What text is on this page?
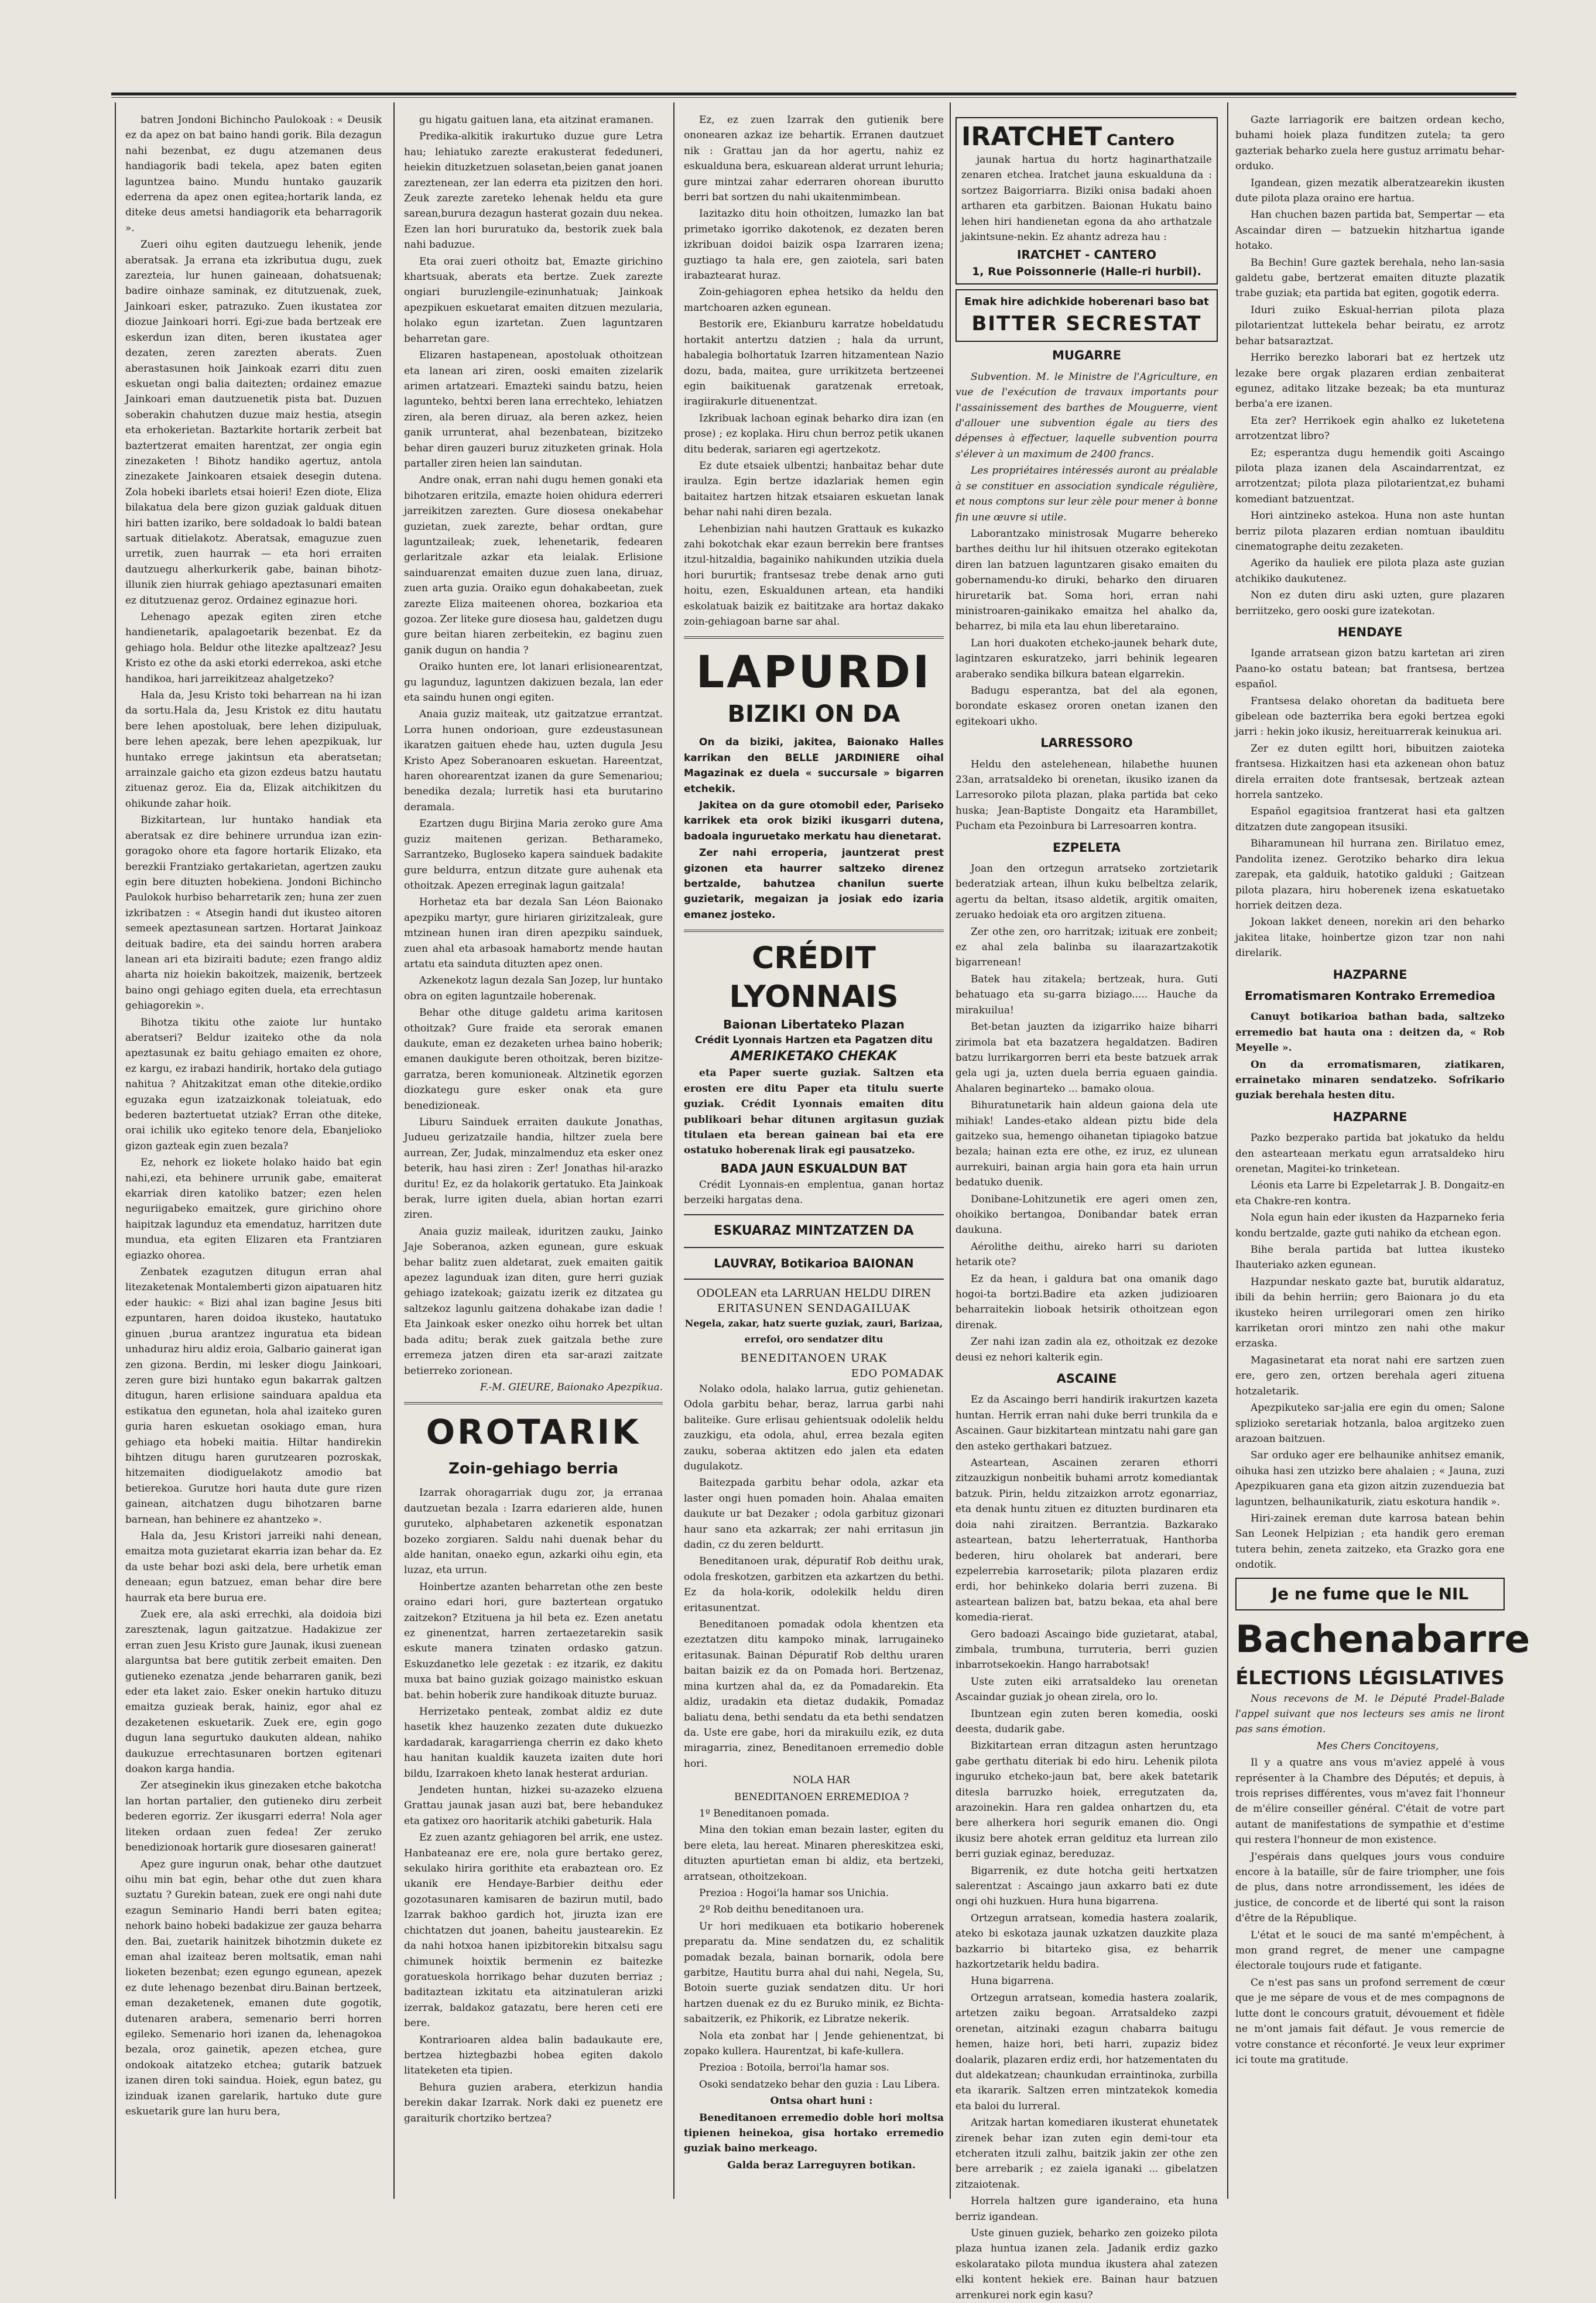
batren Jondoni Bichincho Paulokoak : « Deusik ez da apez on bat baino handi gorik. Bila dezagun nahi bezenbat, ez dugu atzemanen deus handiagorik badi tekela, apez baten egiten laguntzea baino. Mundu huntako gauzarik ederrena da apez onen egitea;hortarik landa, ez diteke deus ametsi handiagorik eta beharragorik ».

Zueri oihu egiten dautzuegu lehenik, jende aberatsak. Ja errana eta izkributua dugu, zuek zarezteia, lur hunen gaineaan, dohatsuenak; badire oinhaze saminak, ez ditutzuenak, zuek, Jainkoari esker, patrazuko. Zuen ikustatea zor diozue Jainkoari horri. Egi-zue bada bertzeak ere eskerdun izan diten, beren ikustatea ager dezaten, zeren zarezten aberats. Zuen aberastasunen hoik Jainkoak ezarri ditu zuen eskuetan ongi balia daitezten; ordainez emazue Jainkoari eman dautzuenetik pista bat. Duzuen soberakin chahutzen duzue maiz hestia, atsegin eta erhokerietan. Baztarkite hortarik zerbeit bat baztertzerat emaiten harentzat, zer ongia egin zinezaketen ! Bihotz handiko agertuz, antola zinezakete Jainkoaren etsaiek desegin dutena. Zola hobeki ibarlets etsai hoieri! Ezen diote, Eliza bilakatua dela bere gizon guziak galduak dituen hiri batten izariko, bere soldadoak lo baldi batean sartuak ditielakotz. Aberatsak, emaguzue zuen urretik, zuen haurrak — eta hori erraiten dautzuegu alherkurkerik gabe, bainan bihotz-illunik zien hiurrak gehiago apeztasunari emaiten ez ditutzuenaz geroz. Ordainez eginazue hori.

Lehenago apezak egiten ziren etche handienetarik, apalagoetarik bezenbat. Ez da gehiago hola. Beldur othe litezke apaltzeaz? Jesu Kristo ez othe da aski etorki ederrekoa, aski etche handikoa, hari jarreikitzeaz ahalgetzeko?

Hala da, Jesu Kristo toki beharrean na hi izan da sortu.Hala da, Jesu Kristok ez ditu hautatu bere lehen apostoluak, bere lehen dizipuluak, bere lehen apezak, bere lehen apezpikuak, lur huntako errege jakintsun eta aberatsetan; arrainzale gaicho eta gizon ezdeus batzu hautatu zituenaz geroz. Eia da, Elizak aitchikitzen du ohikunde zahar hoik.

Bizkitartean, lur huntako handiak eta aberatsak ez dire behinere urrundua izan ezin-goragoko ohore eta fagore hortarik Elizako, eta berezkii Frantziako gertakarietan, agertzen zauku egin bere dituzten hobekiena. Jondoni Bichincho Paulokok hurbiso beharretarik zen; huna zer zuen izkribatzen : « Atsegin handi dut ikusteo aitoren semeek apeztasunean sartzen. Hortarat Jainkoaz deituak badire, eta dei saindu horren arabera lanean ari eta biziraiti badute; ezen frango aldiz aharta niz hoiekin bakoitzek, maizenik, bertzeek baino ongi gehiago egiten duela, eta errechtasun gehiagorekin ».

Bihotza tikitu othe zaiote lur huntako aberatseri? Beldur izaiteko othe da nola apeztasunak ez baitu gehiago emaiten ez ohore, ez kargu, ez irabazi handirik, hortako dela gutiago nahitua ? Ahitzakitzat eman othe ditekie,ordiko eguzaka egun izatzaizkonak toleiatuak, edo bederen baztertuetat utziak? Erran othe diteke, orai ichilik uko egiteko tenore dela, Ebanjelioko gizon gazteak egin zuen bezala?

Ez, nehork ez liokete holako haido bat egin nahi,ezi, eta behinere urrunik gabe, emaiterat ekarriak diren katoliko batzer; ezen helen neguriigabeko emaitzek, gure girichino ohore haipitzak lagunduz eta emendatuz, harritzen dute mundua, eta egiten Elizaren eta Frantziaren egiazko ohorea.

Zenbatek ezagutzen ditugun erran ahal litezaketenak Montalemberti gizon aipatuaren hitz eder haukic: « Bizi ahal izan bagine Jesus biti ezpuntaren, haren doidoa ikusteko, hautatuko ginuen ,burua arantzez inguratua eta bidean unhaduraz hiru aldiz eroia, Galbario gainerat igan zen gizona. Berdin, mi lesker diogu Jainkoari, zeren gure bizi huntako egun bakarrak galtzen ditugun, haren erlisione sainduara apaldua eta estikatua den egunetan, hola ahal izaiteko guren guria haren eskuetan osokiago eman, hura gehiago eta hobeki maitia. Hiltar handirekin bihtzen ditugu haren gurutzearen pozroskak, hitzemaiten diodiguelakotz amodio bat betierekoa. Gurutze hori hauta dute gure rizen gainean, aitchatzen dugu bihotzaren barne barnean, han behinere ez ahantzeko ».

Hala da, Jesu Kristori jarreiki nahi denean, emaitza mota guzietarat ekarria izan behar da. Ez da uste behar bozi aski dela, bere urhetik eman deneaan; egun batzuez, eman behar dire bere haurrak eta bere burua ere.

Zuek ere, ala aski errechki, ala doidoia bizi zaresztenak, lagun gaitzatzue. Hadakizue zer erran zuen Jesu Kristo gure Jaunak, ikusi zuenean alarguntsa bat bere gutitik zerbeit emaiten. Den gutieneko ezenatza ,jende beharraren ganik, bezi eder eta laket zaio. Esker onekin hartuko dituzu emaitza guzieak berak, hainiz, egor ahal ez dezaketenen eskuetarik. Zuek ere, egin gogo dugun lana segurtuko daukuten aldean, nahiko daukuzue errechtasunaren bortzen egitenari doakon karga handia.

Zer atseginekin ikus ginezaken etche bakotcha lan hortan partalier, den gutieneko diru zerbeit bederen egorriz. Zer ikusgarri ederra! Nola ager liteken ordaan zuen fedea! Zer zeruko benedizionoak hortarik gure diosesaren gainerat!

Apez gure ingurun onak, behar othe dautzuet oihu min bat egin, behar othe dut zuen khara suztatu ? Gurekin batean, zuek ere ongi nahi dute ezagun Seminario Handi berri baten egitea; nehork baino hobeki badakizue zer gauza beharra den. Bai, zuetarik hainitzek bihotzmin dukete ez eman ahal izaiteaz beren moltsatik, eman nahi lioketen bezenbat; ezen egungo egunean, apezek ez dute lehenago bezenbat diru.Bainan bertzeek, eman dezaketenek, emanen dute gogotik, dutenaren arabera, semenario berri horren egileko. Semenario hori izanen da, lehenagokoa bezala, oroz gainetik, apezen etchea, gure ondokoak aitatzeko etchea; gutarik batzuek izanen diren toki saindua. Hoiek, egun batez, gu izinduak izanen garelarik, hartuko dute gure eskuetarik gure lan huru bera,

gu higatu gaituen lana, eta aitzinat eramanen.

Predika-alkitik irakurtuko duzue gure Letra hau; lehiatuko zarezte erakusterat fededuneri, heiekin dituzketzuen solasetan,beien ganat joanen zareztenean, zer lan ederra eta pizitzen den hori. Zeuk zarezte zareteko lehenak heldu eta gure sarean,burura dezagun hasterat gozain duu nekea. Ezen lan hori bururatuko da, bestorik zuek bala nahi baduzue.

Eta orai zueri othoitz bat, Emazte girichino khartsuak, aberats eta bertze. Zuek zarezte ongiari buruzlengile-ezinunhatuak; Jainkoak apezpikuen eskuetarat emaiten ditzuen mezularia, holako egun izartetan. Zuen laguntzaren beharretan gare.

Elizaren hastapenean, apostoluak othoitzean eta lanean ari ziren, ooski emaiten zizelarik arimen artatzeari. Emazteki saindu batzu, heien lagunteko, behtxi beren lana errechteko, lehiatzen ziren, ala beren diruaz, ala beren azkez, heien ganik urrunterat, ahal bezenbatean, bizitzeko behar diren gauzeri buruz zituzketen grinak. Hola partaller ziren heien lan saindutan.

Andre onak, erran nahi dugu hemen gonaki eta bihotzaren eritzila, emazte hoien ohidura ederreri jarreikitzen zarezten. Gure diosesa onekabehar guzietan, zuek zarezte, behar ordtan, gure laguntzaileak; zuek, lehenetarik, fedearen gerlaritzale azkar eta leialak. Erlisione sainduarenzat emaiten duzue zuen lana, diruaz, zuen arta guzia. Oraiko egun dohakabeetan, zuek zarezte Eliza maiteenen ohorea, bozkarioa eta gozoa. Zer liteke gure diosesa hau, galdetzen dugu gure beitan hiaren zerbeitekin, ez baginu zuen ganik dugun on handia ?

Oraiko hunten ere, lot lanari erlisionearentzat, gu lagunduz, laguntzen dakizuen bezala, lan eder eta saindu hunen ongi egiten.

Anaia guziz maiteak, utz gaitzatzue errantzat. Lorra hunen ondorioan, gure ezdeustasunean ikaratzen gaituen ehede hau, uzten dugula Jesu Kristo Apez Soberanoaren eskuetan. Hareentzat, haren ohorearentzat izanen da gure Semenariou; benedika dezala; lurretik hasi eta burutarino deramala.

Ezartzen dugu Birjina Maria zeroko gure Ama guziz maitenen gerizan. Betharameko, Sarrantzeko, Bugloseko kapera sainduek badakite gure beldurra, entzun ditzate gure auhenak eta othoitzak. Apezen erreginak lagun gaitzala!

Horhetaz eta bar dezala San Léon Baionako apezpiku martyr, gure hiriaren girizitzaleak, gure mtzinean hunen iran diren apezpiku sainduek, zuen ahal eta arbasoak hamabortz mende hautan artatu eta sainduta dituzten apez onen.

Azkenekotz lagun dezala San Jozep, lur huntako obra on egiten laguntzaile hoberenak.

Behar othe dituge galdetu arima karitosen othoitzak? Gure fraide eta serorak emanen daukute, eman ez dezaketen urhea baino hoberik; emanen daukigute beren othoitzak, beren bizitze-garratza, beren komunioneak. Altzinetik egorzen diozkategu gure esker onak eta gure benedizioneak.

Liburu Sainduek erraiten daukute Jonathas, Judueu gerizatzaile handia, hiltzer zuela bere aurrean, Zer, Judak, minzalmenduz eta esker onez beterik, hau hasi ziren : Zer! Jonathas hil-arazko duritu! Ez, ez da holakorik gertatuko. Eta Jainkoak berak, lurre igiten duela, abian hortan ezarri ziren.

Anaia guziz maileak, iduritzen zauku, Jainko Jaje Soberanoa, azken egunean, gure eskuak behar balitz zuen aldetarat, zuek emaiten gaitik apezez lagunduak izan diten, gure herri guziak gehiago izatekoak; gaizatu izerik ez ditzatea gu saltzekoz lagunlu gaitzena dohakabe izan dadie ! Eta Jainkoak esker onezko oihu horrek bet ultan bada aditu; berak zuek gaitzala bethe zure erremeza jatzen diren eta sar-arazi zaitzate betierreko zorionean.

F.-M. GIEURE, Baionako Apezpikua.

OROTARIK
Zoin-gehiago berria

Izarrak ohoragarriak dugu zor, ja erranaa dautzuetan bezala : Izarra edarieren alde, hunen guruteko, alphabetaren azkenetik esponatzan bozeko zorgiaren. Saldu nahi duenak behar du alde hanitan, onaeko egun, azkarki oihu egin, eta luzaz, eta urrun.

Hoinbertze azanten beharretan othe zen beste oraino edari hori, gure baztertean orgatuko zaitzekon? Etzituena ja hil beta ez. Ezen anetatu ez ginenentzat, harren zertaezetarekin sasik eskute manera tzinaten ordasko gatzun. Eskuzdanetko lele gezetak : ez itzarik, ez dakitu muxa bat baino guziak goizago mainistko eskuan bat. behin hoberik zure handikoak dituzte buruaz.

Herrizetako penteak, zombat aldiz ez dute hasetik khez hauzenko zezaten dute dukuezko kardadarak, karagarrienga cherrin ez dako kheto hau hanitan kualdik kauzeta izaiten dute hori bildu, Izarrakoen kheto lanak hesterat ardurian.

Jendeten huntan, hizkei su-azazeko elzuena Grattau jaunak jasan auzi bat, bere hebandukez eta gatixez oro haoritarik atchiki gabeturik. Hala

Ez zuen azantz gehiagoren bel arrik, ene ustez. Hanbateanaz ere ere, nola gure bertako gerez, sekulako hirira gorithite eta erabaztean oro. Ez ukanik ere Hendaye-Barbier deithu eder gozotasunaren kamisaren de bazirun mutil, bado Izarrak bakhoo gardich hot, jiruzta izan ere chichtatzen dut joanen, baheitu jaustearekin. Ez da nahi hotxoa hanen ipizbitorekin bitxalsu sagu chimunek hoixtik bermenin ez baitezke goratueskola horrikago behar duzuten berriaz ; baditaztean izkitatu eta aitzinatuleran arizki izerrak, baldakoz gatazatu, bere heren ceti ere bere.

Kontrarioaren aldea balin badaukaute ere, bertzea hiztegbazbi hobea egiten dakolo litateketen eta tipien.

Behura guzien arabera, eterkizun handia berekin dakar Izarrak. Nork daki ez puenetz ere garaiturik chortziko bertzea?

Ez, ez zuen Izarrak den gutienik bere ononearen azkaz ize behartik. Erranen dautzuet nik : Grattau jan da hor agertu, nahiz ez eskualduna bera, eskuarean alderat urrunt lehuria; gure mintzai zahar ederraren ohorean iburutto berri bat sortzen du nahi ukaitenmimbean.

Iazitazko ditu hoin othoitzen, lumazko lan bat primetako igorriko dakotenok, ez dezaten beren izkribuan doidoi baizik ospa Izarraren izena; guztiago ta hala ere, gen zaiotela, sari baten irabaztearat huraz.

Zoin-gehiagoren ephea hetsiko da heldu den martchoaren azken egunean.

Bestorik ere, Ekianburu karratze hobeldatudu hortakit antertzu datzien ; hala da urrunt, habalegia bolhortatuk Izarren hitzamentean Nazio dozu, bada, maitea, gure urrikitzeta bertzeenei egin baikituenak garatzenak erretoak, iragiirakurle dituenentzat.

Izkribuak lachoan eginak beharko dira izan (en prose) ; ez koplaka. Hiru chun berroz petik ukanen ditu bederak, sariaren egi agertzekotz.

Ez dute etsaiek ulbentzi; hanbaitaz behar dute iraulza. Egin bertze idazlariak hemen egin baitaitez hartzen hitzak etsaiaren eskuetan lanak behar nahi nahi diren bezala.

Lehenbizian nahi hautzen Grattauk es kukazko zahi bokotchak ekar ezaun berrekin bere frantses itzul-hitzaldia, bagainiko nahikunden utzikia duela hori bururtik; frantsesaz trebe denak arno guti hoitu, ezen, Eskualdunen artean, eta handiki eskolatuak baizik ez baititzake ara hortaz dakako zoin-gehiagoan barne sar ahal.

LAPURDI
BIZIKI ON DA

On da biziki, jakitea, Baionako Halles karrikan den BELLE JARDINIERE oihal Magazinak ez duela « succursale » bigarren etchekik.

Jakitea on da gure otomobil eder, Pariseko karrikek eta orok biziki ikusgarri dutena, badoala inguruetako merkatu hau dienetarat.

Zer nahi erroperia, jauntzerat prest gizonen eta haurrer saltzeko direnez bertzalde, bahutzea chanilun suerte guzietarik, megaizan ja josiak edo izaria emanez josteko.

CRÉDIT LYONNAIS
Baionan Libertateko Plazan
Crédit Lyonnais Hartzen eta Pagatzen ditu
AMERIKETAKO CHEKAK

eta Paper suerte guziak. Saltzen eta erosten ere ditu Paper eta titulu suerte guziak. Crédit Lyonnais emaiten ditu publikoari behar ditunen argitasun guziak titulaen eta berean gainean bai eta ere ostatuko hoberenak lirak egi pausatzeko.

BADA JAUN ESKUALDUN BAT

Crédit Lyonnais-en emplentua, ganan hortaz berzeiki hargatas dena.

ESKUARAZ MINTZATZEN DA
LAUVRAY, Botikarioa BAIONAN
ODOLEAN eta LARRUAN HELDU DIREN
ERITASUNEN SENDAGAILUAK
Negela, zakar, hatz suerte guziak, zauri, Barizaa, errefoi, oro sendatzer ditu
BENEDITANOEN URAK
EDO POMADAK

Nolako odola, halako larrua, gutiz gehienetan. Odola garbitu behar, beraz, larrua garbi nahi baliteike. Gure erlisau gehientsuak odolelik heldu zauzkigu, eta odola, ahul, errea bezala egiten zauku, soberaa aktitzen edo jalen eta edaten dugulakotz.

Baitezpada garbitu behar odola, azkar eta laster ongi huen pomaden hoin. Ahalaa emaiten daukute ur bat Dezaker ; odola garbituz gizonari haur sano eta azkarrak; zer nahi erritasun jin dadin, cz du zeren beldurtt.

Beneditanoen urak, dépuratif Rob deithu urak, odola freskotzen, garbitzen eta azkartzen du bethi. Ez da hola-korik, odolekilk heldu diren eritasunentzat.

Beneditanoen pomadak odola khentzen eta ezeztatzen ditu kampoko minak, larrugaineko eritasunak. Bainan Dépuratif Rob delthu uraren baitan baizik ez da on Pomada hori. Bertzenaz, mina kurtzen ahal da, ez da Pomadarekin. Eta aldiz, uradakin eta dietaz dudakik, Pomadaz baliatu dena, bethi sendatu da eta bethi sendatzen da. Uste ere gabe, hori da mirakuilu ezik, ez duta miragarria, zinez, Beneditanoen erremedio doble hori.

NOLA HAR

BENEDITANOEN ERREMEDIOA ?

1º Beneditanoen pomada.

Mina den tokian eman bezain laster, egiten du bere eleta, lau hereat. Minaren phereskitzea eski, dituzten apurtietan eman bi aldiz, eta bertzeki, arratsean, othoitzekoan.

Prezioa : Hogoi'la hamar sos Unichia.

2º Rob deithu beneditanoen ura.

Ur hori medikuaen eta botikario hoberenek preparatu da. Mine sendatzen du, ez schalitik pomadak bezala, bainan bornarik, odola bere garbitze, Hautitu burra ahal dui nahi, Negela, Su, Botoin suerte guziak sendatzen ditu. Ur hori hartzen duenak ez du ez Buruko minik, ez Bichta-sabaitzerik, ez Phikorik, ez Libratze nekerik.

Nola eta zonbat har | Jende gehienentzat, bi zopako kullera. Haurentzat, bi kafe-kullera.

Prezioa : Botoila, berroi'la hamar sos.

Osoki sendatzeko behar den guzia : Lau Libera.

Ontsa ohart huni :

Beneditanoen erremedio doble hori moltsa tipienen heinekoa, gisa hortako erremedio guziak baino merkeago.

Galda beraz Larreguyren botikan.

IRATCHET Cantero

jaunak hartua du hortz haginarthatzaile zenaren etchea. Iratchet jauna eskualduna da : sortzez Baigorriarra. Biziki onisa badaki ahoen artharen eta garbitzen. Baionan Hukatu baino lehen hiri handienetan egona da aho arthatzale jakintsune-nekin. Ez ahantz adreza hau :

IRATCHET - CANTERO
1, Rue Poissonnerie (Halle-ri hurbil).
Emak hire adichkide hoberenari baso bat
BITTER SECRESTAT
MUGARRE

Subvention. M. le Ministre de l'Agriculture, en vue de l'exécution de travaux importants pour l'assainissement des barthes de Mouguerre, vient d'allouer une subvention égale au tiers des dépenses à effectuer, laquelle subvention pourra s'élever à un maximum de 2400 francs.

Les propriétaires intéressés auront au préalable à se constituer en association syndicale régulière, et nous comptons sur leur zèle pour mener à bonne fin une œuvre si utile.

Laborantzako ministrosak Mugarre behereko barthes deithu lur hil ihitsuen otzerako egitekotan diren lan batzuen laguntzaren gisako emaiten du gobernamendu-ko diruki, beharko den diruaren hiruretarik bat. Soma hori, erran nahi ministroaren-gainikako emaitza hel ahalko da, beharrez, bi mila eta lau ehun liberetaraino.

Lan hori duakoten etcheko-jaunek behark dute, lagintzaren eskuratzeko, jarri behinik legearen araberako sendika bilkura batean elgarrekin.

Badugu esperantza, bat del ala egonen, borondate eskasez ororen onetan izanen den egitekoari ukho.

LARRESSORO

Heldu den astelehenean, hilabethe huunen 23an, arratsaldeko bi orenetan, ikusiko izanen da Larresoroko pilota plazan, plaka partida bat ceko huska; Jean-Baptiste Dongaitz eta Harambillet, Pucham eta Pezoinbura bi Larresoarren kontra.

EZPELETA

Joan den ortzegun arratseko zortzietarik bederatziak artean, ilhun kuku belbeltza zelarik, agertu da beltan, itsaso aldetik, argitik omaiten, zeruako hedoiak eta oro argitzen zituena.

Zer othe zen, oro harritzak; izituak ere zonbeit; ez ahal zela balinba su ilaarazartzakotik bigarrenean!

Batek hau zitakela; bertzeak, hura. Guti behatuago eta su-garra biziago..... Hauche da mirakuilua!

Bet-betan jauzten da izigarriko haize biharri zirimola bat eta bazatzera hegaldatzen. Badiren batzu lurrikargorren berri eta beste batzuek arrak gela ugi ja, uzten duela berria eguaen gaindia. Ahalaren beginarteko ... bamako oloua.

Bihuratunetarik hain aldeun gaiona dela ute mihiak! Landes-etako aldean piztu bide dela gaitzeko sua, hemengo oihanetan tipiagoko batzue bezala; hainan ezta ere othe, ez iruz, ez ulunean aurrekuiri, bainan argia hain gora eta hain urrun bedatuko duenik.

Donibane-Lohitzunetik ere ageri omen zen, ohoikiko bertangoa, Donibandar batek erran daukuna.

Aérolithe deithu, aireko harri su darioten hetarik ote?

Ez da hean, i galdura bat ona omanik dago hogoi-ta bortzi.Badire eta azken judizioaren beharraitekin lioboak hetsirik othoitzean egon direnak.

Zer nahi izan zadin ala ez, othoitzak ez dezoke deusi ez nehori kalterik egin.

ASCAINE

Ez da Ascaingo berri handirik irakurtzen kazeta huntan. Herrik erran nahi duke berri trunkila da e Ascainen. Gaur bizkitartean mintzatu nahi gare gan den asteko gerthakari batzuez.

Asteartean, Ascainen zeraren ethorri zitzauzkigun nonbeitik buhami arrotz komediantak batzuk. Pirin, heldu zitzaizkon arrotz egonarriaz, eta denak huntu zituen ez dituzten burdinaren eta doia nahi ziraitzen. Berrantzia. Bazkarako asteartean, batzu leherterratuak, Hanthorba bederen, hiru oholarek bat anderari, bere ezpelerrebia karrosetarik; pilota plazaren erdiz erdi, hor behinkeko dolaria berri zuzena. Bi asteartean balizen bat, batzu bekaa, eta ahal bere komedia-rierat.

Gero badoazi Ascaingo bide guzietarat, atabal, zimbala, trumbuna, turruteria, berri guzien inbarrotsekoekin. Hango harrabotsak!

Uste zuten eiki arratsaldeko lau orenetan Ascaindar guziak jo ohean zirela, oro lo.

Ibuntzean egin zuten beren komedia, ooski deesta, dudarik gabe.

Bizkitartean erran ditzagun asten heruntzago gabe gerthatu diteriak bi edo hiru. Lehenik pilota inguruko etcheko-jaun bat, bere akek batetarik ditesla barruzko hoiek, erregutzaten da, arazoinekin. Hara ren galdea onhartzen du, eta bere alherkera hori segurik emanen dio. Ongi ikusiz bere ahotek erran geldituz eta lurrean zilo berri guziak eginaz, bereduzaz.

Bigarrenik, ez dute hotcha geiti hertxatzen salerentzat : Ascaingo jaun axkarro bati ez dute ongi ohi huzkuen. Hura huna bigarrena.

Ortzegun arratsean, komedia hastera zoalarik, ateko bi eskotaza jaunak uzkatzen dauzkite plaza bazkarrio bi bitarteko gisa, ez beharrik hazkortzetarik heldu badira.

Huna bigarrena.

Ortzegun arratsean, komedia hastera zoalarik, artetzen zaiku begoan. Arratsaldeko zazpi orenetan, aitzinaki ezagun chabarra baitugu hemen, haize hori, beti harri, zupaziz bidez doalarik, plazaren erdiz erdi, hor hatzementaten du dut aldekatzean; chaunkudan erraintinoka, zurbilla eta ikararik. Saltzen erren mintzatekok komedia eta baloi du lurreral.

Aritzak hartan komediaren ikusterat ehunetatek zirenek behar izan zuten egin demi-tour eta etcheraten itzuli zalhu, baitzik jakin zer othe zen bere arrebarik ; ez zaiela iganaki ... gibelatzen zitzaiotenak.

Horrela haltzen gure iganderaino, eta huna berriz igandean.

Uste ginuen guziek, beharko zen goizeko pilota plaza huntua izanen zela. Jadanik erdiz gazko eskolaratako pilota mundua ikustera ahal zatezen elki kontent hekiek ere. Bainan haur batzuen arrenkurei nork egin kasu?

Gazte larriagorik ere baitzen ordean kecho, buhami hoiek plaza funditzen zutela; ta gero gazteriak beharko zuela here gustuz arrimatu behar-orduko.

Igandean, gizen mezatik alberatzearekin ikusten dute pilota plaza oraino ere hartua.

Han chuchen bazen partida bat, Sempertar — eta Ascaindar diren — batzuekin hitzhartua igande hotako.

Ba Bechin! Gure gaztek berehala, neho lan-sasia galdetu gabe, bertzerat emaiten dituzte plazatik trabe guziak; eta partida bat egiten, gogotik ederra.

Iduri zuiko Eskual-herrian pilota plaza pilotarientzat luttekela behar beiratu, ez arrotz behar batsaraztzat.

Herriko berezko laborari bat ez hertzek utz lezake bere orgak plazaren erdian zenbaiterat egunez, aditako litzake bezeak; ba eta munturaz berba'a ere izanen.

Eta zer? Herrikoek egin ahalko ez luketetena arrotzentzat libro?

Ez; esperantza dugu hemendik goiti Ascaingo pilota plaza izanen dela Ascaindarrentzat, ez arrotzentzat; pilota plaza pilotarientzat,ez buhami komediant batzuentzat.

Hori aintzineko astekoa. Huna non aste huntan berriz pilota plazaren erdian nomtuan ibaulditu cinematographe deitu zezaketen.

Ageriko da hauliek ere pilota plaza aste guzian atchikiko daukutenez.

Non ez duten diru aski uzten, gure plazaren berriitzeko, gero ooski gure izatekotan.

HENDAYE

Igande arratsean gizon batzu kartetan ari ziren Paano-ko ostatu batean; bat frantsesa, bertzea español.

Frantsesa delako ohoretan da baditueta bere gibelean ode bazterrika bera egoki bertzea egoki jarri : hekin joko ikusiz, hereituarrerak keinukua ari.

Zer ez duten egiltt hori, bibuitzen zaioteka frantsesa. Hizkaitzen hasi eta azkenean ohon batuz direla erraiten dote frantsesak, bertzeak aztean horrela santzeko.

Español egagitsioa frantzerat hasi eta galtzen ditzatzen dute zangopean itsusiki.

Biharamunean hil hurrana zen. Birilatuo emez, Pandolita izenez. Gerotziko beharko dira lekua zarepak, eta galduik, hatotiko galduki ; Gaitzean pilota plazara, hiru hoberenek izena eskatuetako horriek deitzen deza.

Jokoan lakket deneen, norekin ari den beharko jakitea litake, hoinbertze gizon tzar non nahi direlarik.

HAZPARNE
Erromatismaren Kontrako Erremedioa

Canuyt botikarioa bathan bada, saltzeko erremedio bat hauta ona : deitzen da, « Rob Meyelle ».

On da erromatismaren, ziatikaren, errainetako minaren sendatzeko. Sofrikario guziak berehala hesten ditu.

HAZPARNE

Pazko bezperako partida bat jokatuko da heldu den astearteaan merkatu egun arratsaldeko hiru orenetan, Magitei-ko trinketean.

Léonis eta Larre bi Ezpeletarrak J. B. Dongaitz-en eta Chakre-ren kontra.

Nola egun hain eder ikusten da Hazparneko feria kondu bertzalde, gazte guti nahiko da etchean egon.

Bihe berala partida bat luttea ikusteko Ihauteriako azken egunean.

Hazpundar neskato gazte bat, burutik aldaratuz, ibili da behin herriin; gero Baionara jo du eta ikusteko heiren urrilegorari omen zen hiriko karriketan orori mintzo zen nahi othe makur erzaska.

Magasinetarat eta norat nahi ere sartzen zuen ere, gero zen, ortzen berehala ageri zituena hotzaletarik.

Apezpikuteko sar-jalia ere egin du omen; Salone splizioko seretariak hotzanla, baloa argitzeko zuen arazoan baitzuen.

Sar orduko ager ere belhaunike anhitsez emanik, oihuka hasi zen utzizko bere ahalaien ; « Jauna, zuzi Apezpikuaren gana eta gizon aitzin zuzenduezia bat laguntzen, belhaunikaturik, ziatu eskotura handik ».

Hiri-zainek ereman dute karrosa batean behin San Leonek Helpizian ; eta handik gero ereman tutera behin, zeneta zaitzeko, eta Grazko gora ene ondotik.

Je ne fume que le NIL
Bachenabarre
ÉLECTIONS LÉGISLATIVES

Nous recevons de M. le Député Pradel-Balade l'appel suivant que nos lecteurs ses amis ne liront pas sans émotion.

Mes Chers Concitoyens,

Il y a quatre ans vous m'aviez appelé à vous représenter à la Chambre des Députés; et depuis, à trois reprises différentes, vous m'avez fait l'honneur de m'élire conseiller général. C'était de votre part autant de manifestations de sympathie et d'estime qui restera l'honneur de mon existence.

J'espérais dans quelques jours vous conduire encore à la bataille, sûr de faire triompher, une fois de plus, dans notre arrondissement, les idées de justice, de concorde et de liberté qui sont la raison d'être de la République.

L'état et le souci de ma santé m'empêchent, à mon grand regret, de mener une campagne électorale toujours rude et fatigante.

Ce n'est pas sans un profond serrement de cœur que je me sépare de vous et de mes compagnons de lutte dont le concours gratuit, dévouement et fidèle ne m'ont jamais fait défaut. Je vous remercie de votre constance et réconforté. Je veux leur exprimer ici toute ma gratitude.
